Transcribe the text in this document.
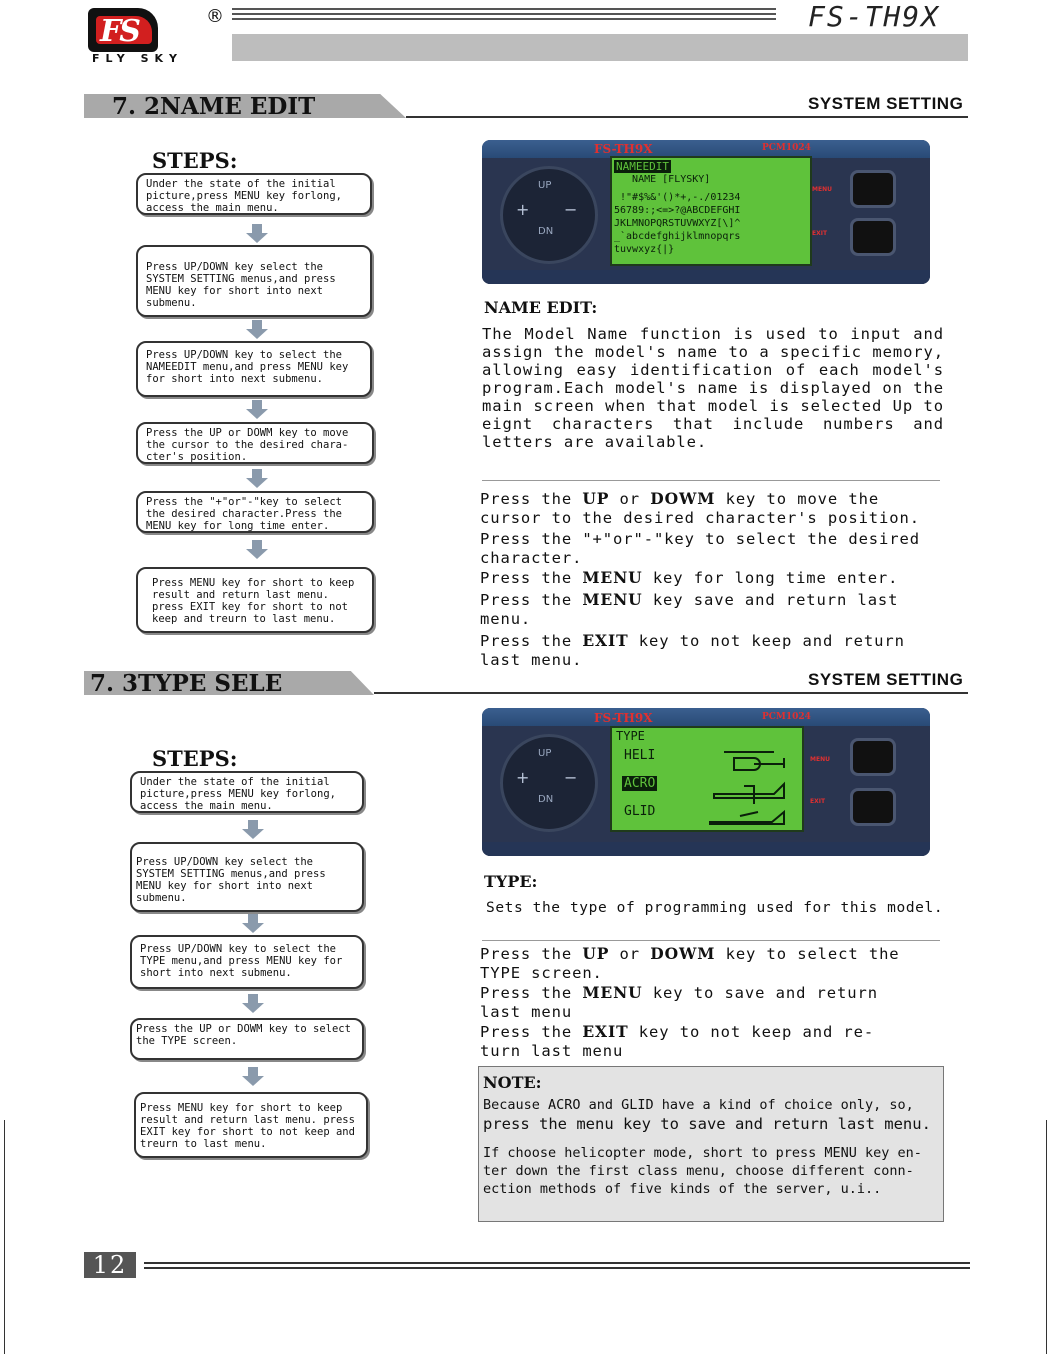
FS	®
FLY SKY
FS-TH9X
7. 2NAME EDIT	SYSTEM SETTING
STEPS:
Under the state of the initial picture,press MENU key forlong, access the main menu.
Press UP/DOWN key select the SYSTEM SETTING menus,and press MENU key for short into next submenu.
Press UP/DOWN key to select the NAMEEDIT menu,and press MENU key for short into next submenu.
Press the UP or DOWM key to move the cursor to the desired chara-cter's position.
Press the "+"or"-"key to select the desired character.Press the MENU key for long time enter.
Press MENU key for short to keep result and return last menu. press EXIT key for short to not keep and treurn to last menu.
FS-TH9X	PCM1024
UP
DN
+ −
NAMEEDIT
NAME [FLYSKY]
!"#$%&'()*+,-./01234
56789:;<=>?@ABCDEFGHI
JKLMNOPQRSTUVWXYZ[\]^
_`abcdefghijklmnopqrs
tuvwxyz{|}
MENU
EXIT
NAME EDIT:
The Model Name function is used to input and assign the model's name to a specific memory, allowing easy identification of each model's program.Each model's name is displayed on the main screen when that model is selected Up to eignt characters that include numbers and letters are available.
Press the UP or DOWM key to move the cursor to the desired character's position.
Press the "+"or"-"key to select the desired character.
Press the MENU key for long time enter.
Press the MENU key save and return last menu.
Press the EXIT key to not keep and return last menu.
7. 3TYPE SELE	SYSTEM SETTING
STEPS:
Under the state of the initial picture,press MENU key forlong, access the main menu.
Press UP/DOWN key select the SYSTEM SETTING menus,and press MENU key for short into next submenu.
Press UP/DOWN key to select the TYPE menu,and press MENU key for short into next submenu.
Press the UP or DOWM key to select the TYPE screen.
Press MENU key for short to keep result and return last menu. press EXIT key for short to not keep and treurn to last menu.
FS-TH9X	PCM1024
UP
DN
+ −
TYPE
HELI
ACRO
GLID
MENU
EXIT
TYPE:
Sets the type of programming used for this model.
Press the UP or DOWM key to select the TYPE screen.
Press the MENU key to save and return last menu
Press the EXIT key to not keep and re-turn last menu
NOTE:
Because ACRO and GLID have a kind of choice only, so,
press the menu key to save and return last menu.
If choose helicopter mode, short to press MENU key en-ter down the first class menu, choose different conn-ection methods of five kinds of the server, u.i..
12
